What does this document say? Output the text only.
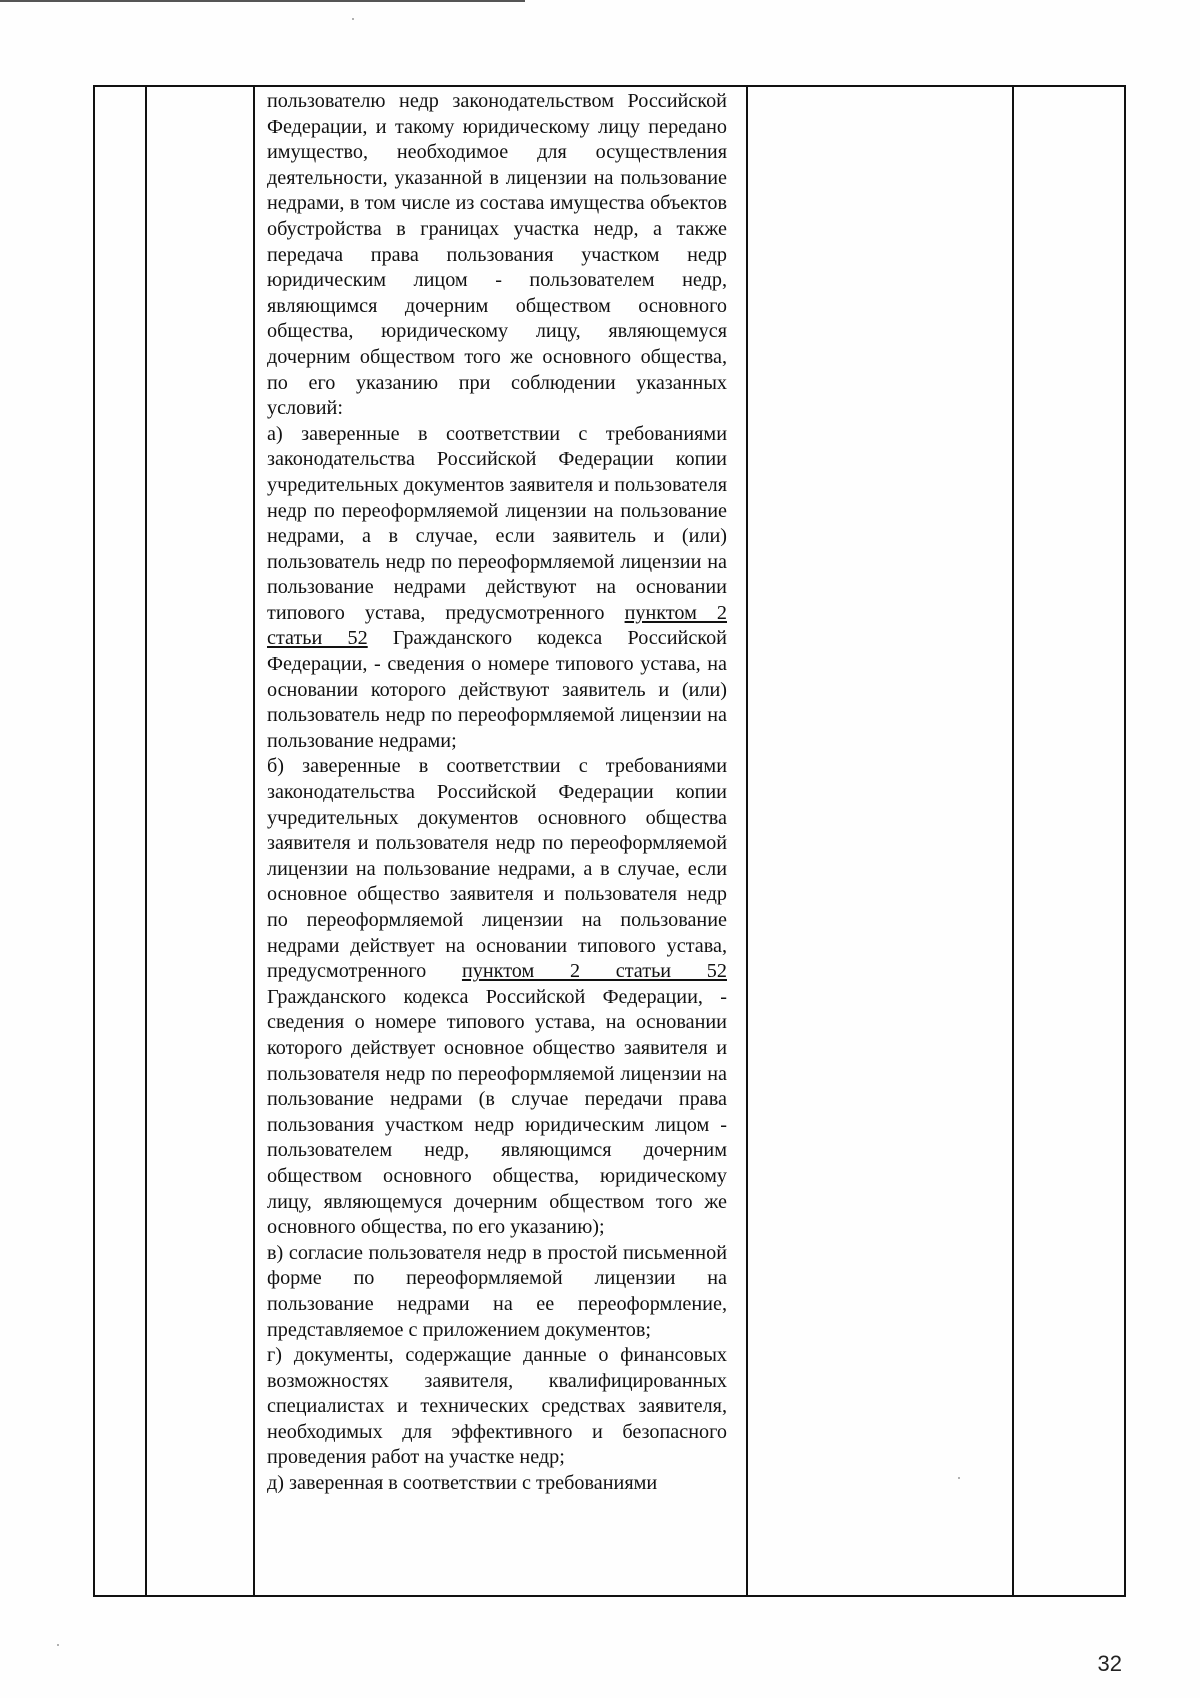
пользователю недр законодательством Российской Федерации, и такому юридическому лицу передано имущество, необходимое для осуществления деятельности, указанной в лицензии на пользование недрами, в том числе из состава имущества объектов обустройства в границах участка недр, а также передача права пользования участком недр юридическим лицом - пользователем недр, являющимся дочерним обществом основного общества, юридическому лицу, являющемуся дочерним обществом того же основного общества, по его указанию при соблюдении указанных условий:

а) заверенные в соответствии с требованиями законодательства Российской Федерации копии учредительных документов заявителя и пользователя недр по переоформляемой лицензии на пользование недрами, а в случае, если заявитель и (или) пользователь недр по переоформляемой лицензии на пользование недрами действуют на основании типового устава, предусмотренного пунктом 2 статьи 52 Гражданского кодекса Российской Федерации, - сведения о номере типового устава, на основании которого действуют заявитель и (или) пользователь недр по переоформляемой лицензии на пользование недрами;

б) заверенные в соответствии с требованиями законодательства Российской Федерации копии учредительных документов основного общества заявителя и пользователя недр по переоформляемой лицензии на пользование недрами, а в случае, если основное общество заявителя и пользователя недр по переоформляемой лицензии на пользование недрами действует на основании типового устава, предусмотренного пунктом 2 статьи 52 Гражданского кодекса Российской Федерации, - сведения о номере типового устава, на основании которого действует основное общество заявителя и пользователя недр по переоформляемой лицензии на пользование недрами (в случае передачи права пользования участком недр юридическим лицом - пользователем недр, являющимся дочерним обществом основного общества, юридическому лицу, являющемуся дочерним обществом того же основного общества, по его указанию);

в) согласие пользователя недр в простой письменной форме по переоформляемой лицензии на пользование недрами на ее переоформление, представляемое с приложением документов;

г) документы, содержащие данные о финансовых возможностях заявителя, квалифицированных специалистах и технических средствах заявителя, необходимых для эффективного и безопасного проведения работ на участке недр;

д) заверенная в соответствии с требованиями

32
